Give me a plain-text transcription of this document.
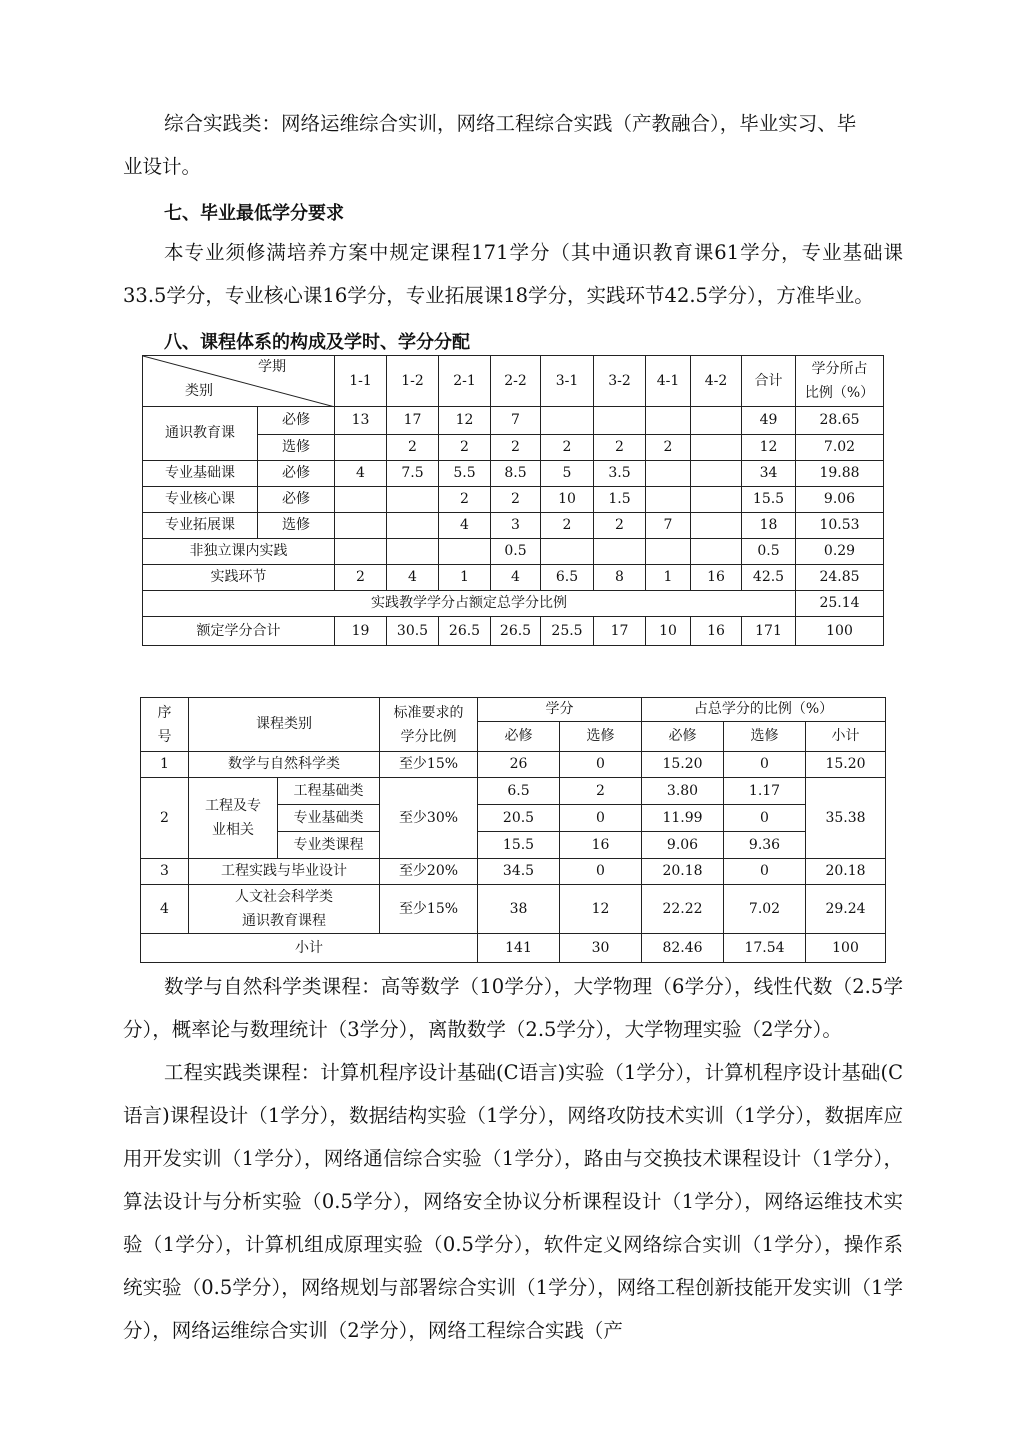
综合实践类：网络运维综合实训，网络工程综合实践（产教融合），毕业实习、毕

业设计。

七、毕业最低学分要求

本专业须修满培养方案中规定课程171学分（其中通识教育课61学分，专业基础课33.5学分，专业核心课16学分，专业拓展课18学分，实践环节42.5学分），方准毕业。

八、课程体系的构成及学时、学分分配

学期
类别		1-1	1-2	2-1	2-2	3-1	3-2	4-1	4-2	合计	学分所占
比例（%）
通识教育课	必修	13	17	12	7					49	28.65
	选修		2	2	2	2	2	2		12	7.02
专业基础课	必修	4	7.5	5.5	8.5	5	3.5			34	19.88
专业核心课	必修			2	2	10	1.5			15.5	9.06
专业拓展课	选修			4	3	2	2	7		18	10.53
非独立课内实践					0.5					0.5	0.29
实践环节		2	4	1	4	6.5	8	1	16	42.5	24.85
实践教学学分占额定总学分比例											25.14
额定学分合计		19	30.5	26.5	26.5	25.5	17	10	16	171	100
序
号	课程类别		标准要求的
学分比例	学分		占总学分的比例（%）		
				必修	选修	必修	选修	小计
1	数学与自然科学类		至少15%	26	0	15.20	0	15.20
2	工程及专
业相关	工程基础类	至少30%	6.5	2	3.80	1.17	35.38
		专业基础类		20.5	0	11.99	0	
		专业类课程		15.5	16	9.06	9.36	
3	工程实践与毕业设计		至少20%	34.5	0	20.18	0	20.18
4	人文社会科学类
通识教育课程		至少15%	38	12	22.22	7.02	29.24
小计				141	30	82.46	17.54	100

数学与自然科学类课程：高等数学（10学分），大学物理（6学分），线性代数（2.5学分），概率论与数理统计（3学分），离散数学（2.5学分），大学物理实验（2学分）。

工程实践类课程：计算机程序设计基础(C语言)实验（1学分），计算机程序设计基础(C语言)课程设计（1学分），数据结构实验（1学分），网络攻防技术实训（1学分），数据库应用开发实训（1学分），网络通信综合实验（1学分），路由与交换技术课程设计（1学分），算法设计与分析实验（0.5学分），网络安全协议分析课程设计（1学分），网络运维技术实验（1学分），计算机组成原理实验（0.5学分），软件定义网络综合实训（1学分），操作系统实验（0.5学分），网络规划与部署综合实训（1学分），网络工程创新技能开发实训（1学分），网络运维综合实训（2学分），网络工程综合实践（产
